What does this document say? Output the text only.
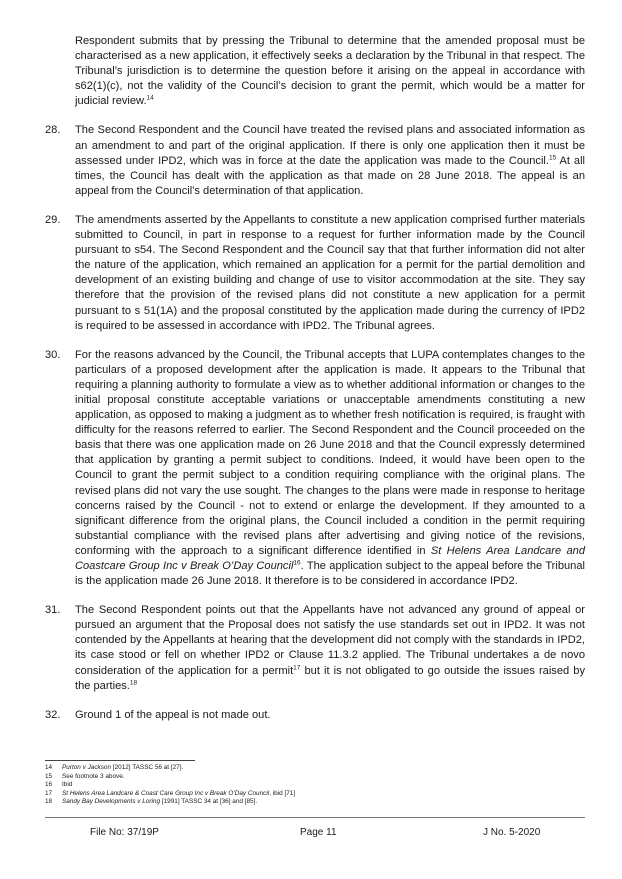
Respondent submits that by pressing the Tribunal to determine that the amended proposal must be characterised as a new application, it effectively seeks a declaration by the Tribunal in that respect. The Tribunal’s jurisdiction is to determine the question before it arising on the appeal in accordance with s62(1)(c), not the validity of the Council’s decision to grant the permit, which would be a matter for judicial review.$^{14}$

28. The Second Respondent and the Council have treated the revised plans and associated information as an amendment to and part of the original application. If there is only one application then it must be assessed under IPD2, which was in force at the date the application was made to the Council.$^{15}$ At all times, the Council has dealt with the application as that made on 28 June 2018. The appeal is an appeal from the Council’s determination of that application.

29. The amendments asserted by the Appellants to constitute a new application comprised further materials submitted to Council, in part in response to a request for further information made by the Council pursuant to s54. The Second Respondent and the Council say that that further information did not alter the nature of the application, which remained an application for a permit for the partial demolition and development of an existing building and change of use to visitor accommodation at the site. They say therefore that the provision of the revised plans did not constitute a new application for a permit pursuant to s 51(1A) and the proposal constituted by the application made during the currency of IPD2 is required to be assessed in accordance with IPD2. The Tribunal agrees.

30. For the reasons advanced by the Council, the Tribunal accepts that LUPA contemplates changes to the particulars of a proposed development after the application is made. It appears to the Tribunal that requiring a planning authority to formulate a view as to whether additional information or changes to the initial proposal constitute acceptable variations or unacceptable amendments constituting a new application, as opposed to making a judgment as to whether fresh notification is required, is fraught with difficulty for the reasons referred to earlier. The Second Respondent and the Council proceeded on the basis that there was one application made on 26 June 2018 and that the Council expressly determined that application by granting a permit subject to conditions. Indeed, it would have been open to the Council to grant the permit subject to a condition requiring compliance with the original plans. The revised plans did not vary the use sought. The changes to the plans were made in response to heritage concerns raised by the Council - not to extend or enlarge the development. If they amounted to a significant difference from the original plans, the Council included a condition in the permit requiring substantial compliance with the revised plans after advertising and giving notice of the revisions, conforming with the approach to a significant difference identified in St Helens Area Landcare and Coastcare Group Inc v Break O’Day Council$^{16}$. The application subject to the appeal before the Tribunal is the application made 26 June 2018. It therefore is to be considered in accordance IPD2.

31. The Second Respondent points out that the Appellants have not advanced any ground of appeal or pursued an argument that the Proposal does not satisfy the use standards set out in IPD2. It was not contended by the Appellants at hearing that the development did not comply with the standards in IPD2, its case stood or fell on whether IPD2 or Clause 11.3.2 applied. The Tribunal undertakes a de novo consideration of the application for a permit$^{17}$ but it is not obligated to go outside the issues raised by the parties.$^{18}$

32. Ground 1 of the appeal is not made out.

14 Purton v Jackson [2012] TASSC 56 at [27].

15 See footnote 3 above.

16 Ibid

17 St Helens Area Landcare & Coast Care Group Inc v Break O’Day Council, ibid [71]

18 Sandy Bay Developments v Loring [1991] TASSC 34 at [36] and [85].

File No: 37/19P	Page 11	J No. 5-2020
